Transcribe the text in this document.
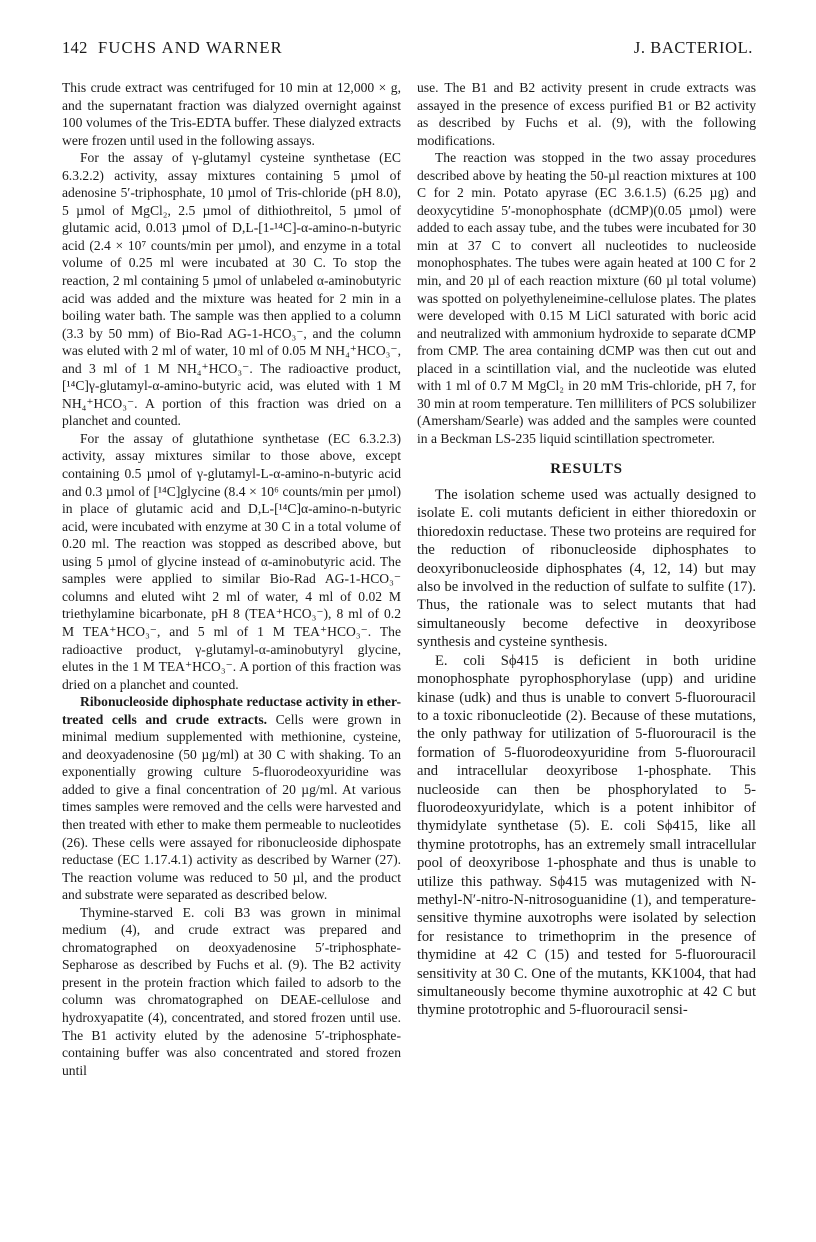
142 FUCHS AND WARNER	J. BACTERIOL.

This crude extract was centrifuged for 10 min at 12,000 × g, and the supernatant fraction was dialyzed overnight against 100 volumes of the Tris-EDTA buffer. These dialyzed extracts were frozen until used in the following assays.

For the assay of γ-glutamyl cysteine synthetase (EC 6.3.2.2) activity, assay mixtures containing 5 µmol of adenosine 5′-triphosphate, 10 µmol of Tris-chloride (pH 8.0), 5 µmol of MgCl₂, 2.5 µmol of dithiothreitol, 5 µmol of glutamic acid, 0.013 µmol of D,L-[1-¹⁴C]-α-amino-n-butyric acid (2.4 × 10⁷ counts/min per µmol), and enzyme in a total volume of 0.25 ml were incubated at 30 C. To stop the reaction, 2 ml containing 5 µmol of unlabeled α-aminobutyric acid was added and the mixture was heated for 2 min in a boiling water bath. The sample was then applied to a column (3.3 by 50 mm) of Bio-Rad AG-1-HCO₃⁻, and the column was eluted with 2 ml of water, 10 ml of 0.05 M NH₄⁺HCO₃⁻, and 3 ml of 1 M NH₄⁺HCO₃⁻. The radioactive product, [¹⁴C]γ-glutamyl-α-amino-butyric acid, was eluted with 1 M NH₄⁺HCO₃⁻. A portion of this fraction was dried on a planchet and counted.

For the assay of glutathione synthetase (EC 6.3.2.3) activity, assay mixtures similar to those above, except containing 0.5 µmol of γ-glutamyl-L-α-amino-n-butyric acid and 0.3 µmol of [¹⁴C]glycine (8.4 × 10⁶ counts/min per µmol) in place of glutamic acid and D,L-[¹⁴C]α-amino-n-butyric acid, were incubated with enzyme at 30 C in a total volume of 0.20 ml. The reaction was stopped as described above, but using 5 µmol of glycine instead of α-aminobutyric acid. The samples were applied to similar Bio-Rad AG-1-HCO₃⁻ columns and eluted wiht 2 ml of water, 4 ml of 0.02 M triethylamine bicarbonate, pH 8 (TEA⁺HCO₃⁻), 8 ml of 0.2 M TEA⁺HCO₃⁻, and 5 ml of 1 M TEA⁺HCO₃⁻. The radioactive product, γ-glutamyl-α-aminobutyryl glycine, elutes in the 1 M TEA⁺HCO₃⁻. A portion of this fraction was dried on a planchet and counted.

Ribonucleoside diphosphate reductase activity in ether-treated cells and crude extracts. Cells were grown in minimal medium supplemented with methionine, cysteine, and deoxyadenosine (50 µg/ml) at 30 C with shaking. To an exponentially growing culture 5-fluorodeoxyuridine was added to give a final concentration of 20 µg/ml. At various times samples were removed and the cells were harvested and then treated with ether to make them permeable to nucleotides (26). These cells were assayed for ribonucleoside diphospate reductase (EC 1.17.4.1) activity as described by Warner (27). The reaction volume was reduced to 50 µl, and the product and substrate were separated as described below.

Thymine-starved E. coli B3 was grown in minimal medium (4), and crude extract was prepared and chromatographed on deoxyadenosine 5′-triphosphate-Sepharose as described by Fuchs et al. (9). The B2 activity present in the protein fraction which failed to adsorb to the column was chromatographed on DEAE-cellulose and hydroxyapatite (4), concentrated, and stored frozen until use. The B1 activity eluted by the adenosine 5′-triphosphate-containing buffer was also concentrated and stored frozen until

use. The B1 and B2 activity present in crude extracts was assayed in the presence of excess purified B1 or B2 activity as described by Fuchs et al. (9), with the following modifications.

The reaction was stopped in the two assay procedures described above by heating the 50-µl reaction mixtures at 100 C for 2 min. Potato apyrase (EC 3.6.1.5) (6.25 µg) and deoxycytidine 5′-monophosphate (dCMP)(0.05 µmol) were added to each assay tube, and the tubes were incubated for 30 min at 37 C to convert all nucleotides to nucleoside monophosphates. The tubes were again heated at 100 C for 2 min, and 20 µl of each reaction mixture (60 µl total volume) was spotted on polyethyleneimine-cellulose plates. The plates were developed with 0.15 M LiCl saturated with boric acid and neutralized with ammonium hydroxide to separate dCMP from CMP. The area containing dCMP was then cut out and placed in a scintillation vial, and the nucleotide was eluted with 1 ml of 0.7 M MgCl₂ in 20 mM Tris-chloride, pH 7, for 30 min at room temperature. Ten milliliters of PCS solubilizer (Amersham/Searle) was added and the samples were counted in a Beckman LS-235 liquid scintillation spectrometer.

RESULTS

The isolation scheme used was actually designed to isolate E. coli mutants deficient in either thioredoxin or thioredoxin reductase. These two proteins are required for the reduction of ribonucleoside diphosphates to deoxyribonucleoside diphosphates (4, 12, 14) but may also be involved in the reduction of sulfate to sulfite (17). Thus, the rationale was to select mutants that had simultaneously become defective in deoxyribose synthesis and cysteine synthesis.

E. coli Sϕ415 is deficient in both uridine monophosphate pyrophosphorylase (upp) and uridine kinase (udk) and thus is unable to convert 5-fluorouracil to a toxic ribonucleotide (2). Because of these mutations, the only pathway for utilization of 5-fluorouracil is the formation of 5-fluorodeoxyuridine from 5-fluorouracil and intracellular deoxyribose 1-phosphate. This nucleoside can then be phosphorylated to 5-fluorodeoxyuridylate, which is a potent inhibitor of thymidylate synthetase (5). E. coli Sϕ415, like all thymine prototrophs, has an extremely small intracellular pool of deoxyribose 1-phosphate and thus is unable to utilize this pathway. Sϕ415 was mutagenized with N-methyl-N′-nitro-N-nitrosoguanidine (1), and temperature-sensitive thymine auxotrophs were isolated by selection for resistance to trimethoprim in the presence of thymidine at 42 C (15) and tested for 5-fluorouracil sensitivity at 30 C. One of the mutants, KK1004, that had simultaneously become thymine auxotrophic at 42 C but thymine prototrophic and 5-fluorouracil sensi-
